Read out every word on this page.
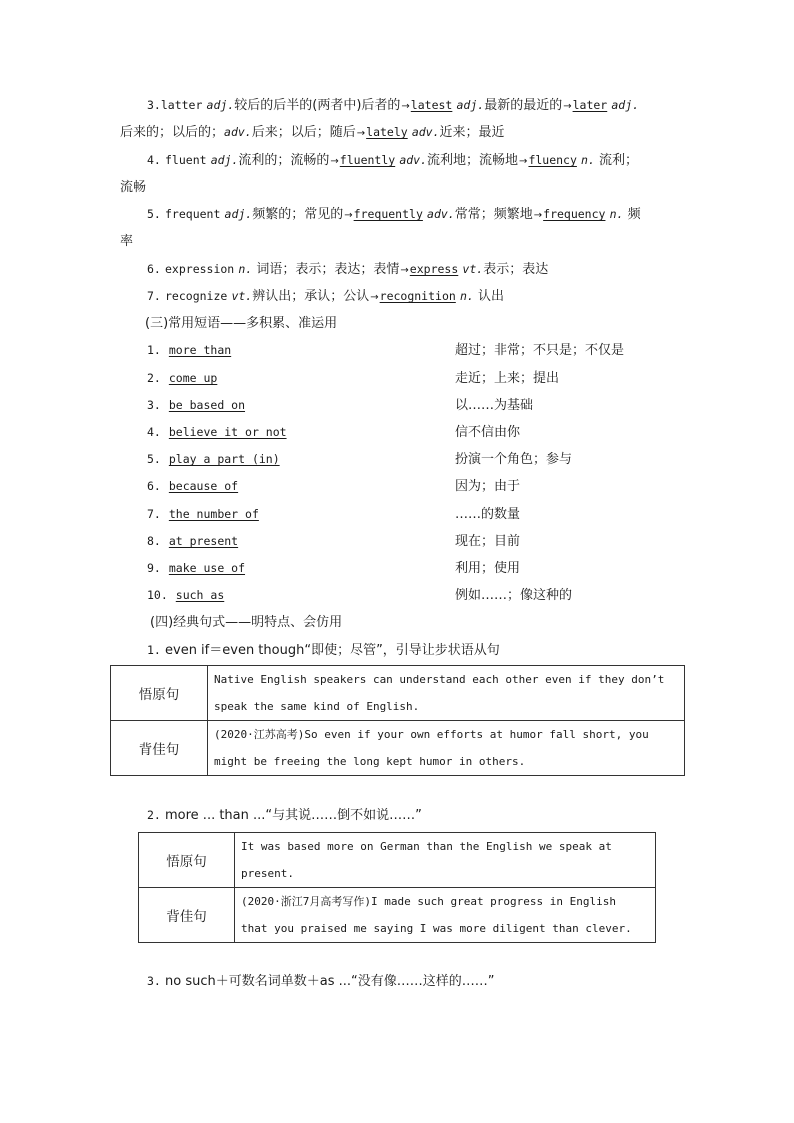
3.latter adj.较后的后半的(两者中)后者的→latest adj.最新的最近的→later adj.
后来的；以后的；adv.后来；以后；随后→lately adv.近来；最近
4. fluent adj.流利的；流畅的→fluently adv.流利地；流畅地→fluency n. 流利；
流畅
5. frequent adj.频繁的；常见的→frequently adv.常常；频繁地→frequency n. 频
率
6. expression n. 词语；表示；表达；表情→express vt.表示；表达
7. recognize vt.辨认出；承认；公认→recognition n. 认出
(三)常用短语——多积累、准运用
1. more than	超过；非常；不只是；不仅是
2. come up	走近；上来；提出
3. be based on	以……为基础
4. believe it or not	信不信由你
5. play a part (in)	扮演一个角色；参与
6. because of	因为；由于
7. the number of	……的数量
8. at present	现在；目前
9. make use of	利用；使用
10. such as	例如……；像这种的
(四)经典句式——明特点、会仿用
1. even if＝even though“即使；尽管”，引导让步状语从句
悟原句	Native English speakers can understand each other even if they don’t
speak the same kind of English.

背佳句	(2020·江苏高考)So even if your own efforts at humor fall short, you
might be freeing the long kept humor in others.
2. more ... than ...“与其说……倒不如说……”
悟原句	It was based more on German than the English we speak at
present.

背佳句	(2020·浙江7月高考写作)I made such great progress in English
that you praised me saying I was more diligent than clever.
3. no such＋可数名词单数＋as ...“没有像……这样的……”
